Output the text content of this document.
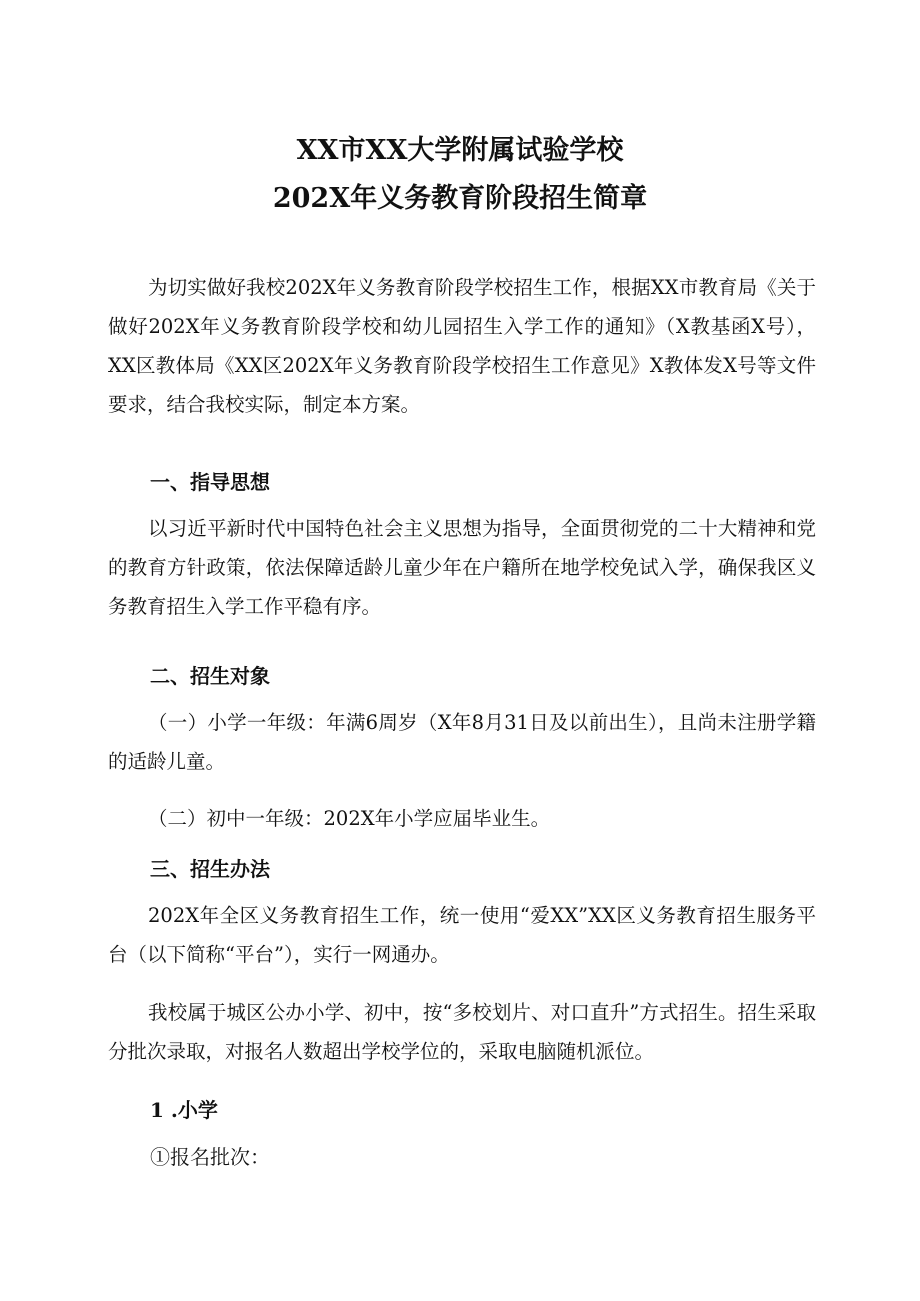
XX市XX大学附属试验学校
202X年义务教育阶段招生简章
为切实做好我校202X年义务教育阶段学校招生工作，根据XX市教育局《关于做好202X年义务教育阶段学校和幼儿园招生入学工作的通知》（X教基函X号），XX区教体局《XX区202X年义务教育阶段学校招生工作意见》X教体发X号等文件要求，结合我校实际，制定本方案。
一、指导思想
以习近平新时代中国特色社会主义思想为指导，全面贯彻党的二十大精神和党的教育方针政策，依法保障适龄儿童少年在户籍所在地学校免试入学，确保我区义务教育招生入学工作平稳有序。
二、招生对象
（一）小学一年级：年满6周岁（X年8月31日及以前出生），且尚未注册学籍的适龄儿童。
（二）初中一年级：202X年小学应届毕业生。
三、招生办法
202X年全区义务教育招生工作，统一使用“爱XX”XX区义务教育招生服务平台（以下简称“平台”），实行一网通办。
我校属于城区公办小学、初中，按“多校划片、对口直升”方式招生。招生采取分批次录取，对报名人数超出学校学位的，采取电脑随机派位。
1 .小学
①报名批次：
